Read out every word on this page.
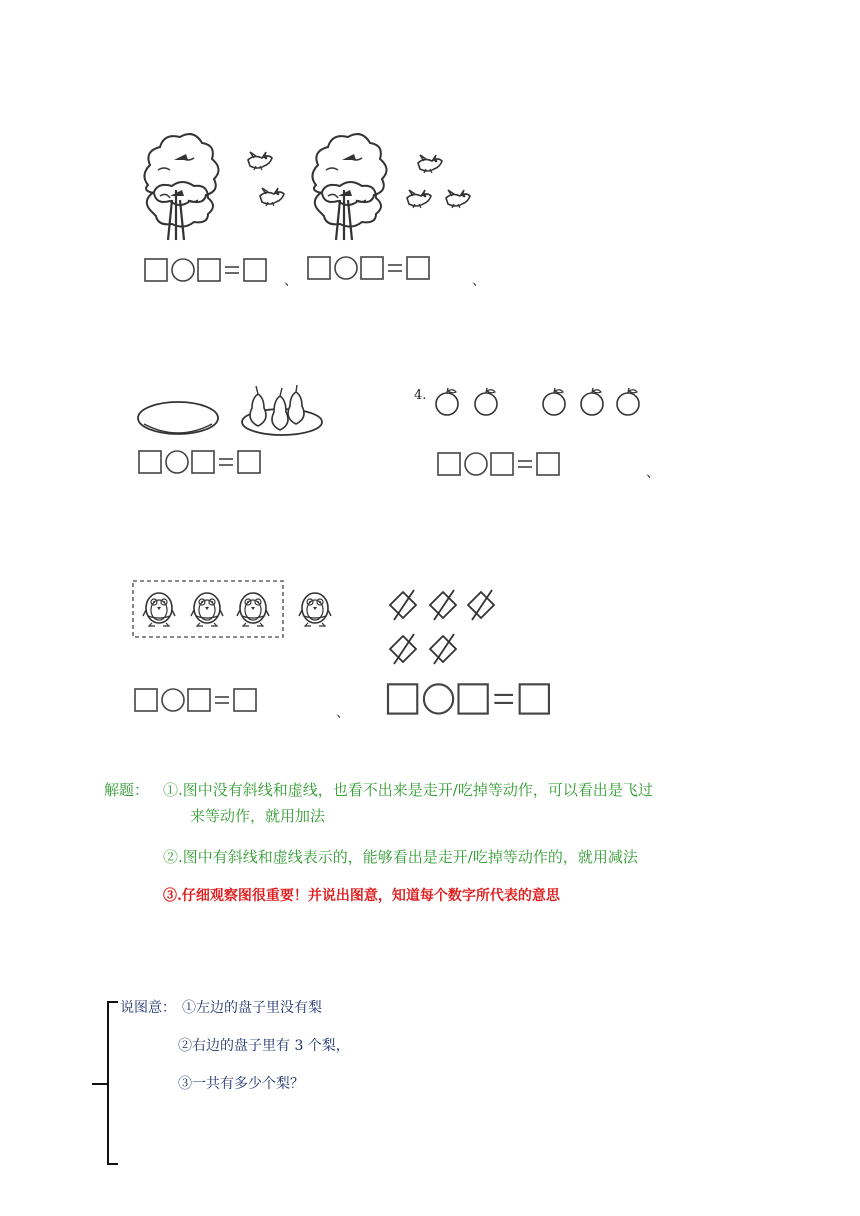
、	、
4.
、
、
解题： ①.图中没有斜线和虚线，也看不出来是走开/吃掉等动作，可以看出是飞过
来等动作，就用加法
②.图中有斜线和虚线表示的，能够看出是走开/吃掉等动作的，就用减法
③.仔细观察图很重要！并说出图意，知道每个数字所代表的意思
说图意： ①左边的盘子里没有梨
②右边的盘子里有 3 个梨，
③一共有多少个梨？
